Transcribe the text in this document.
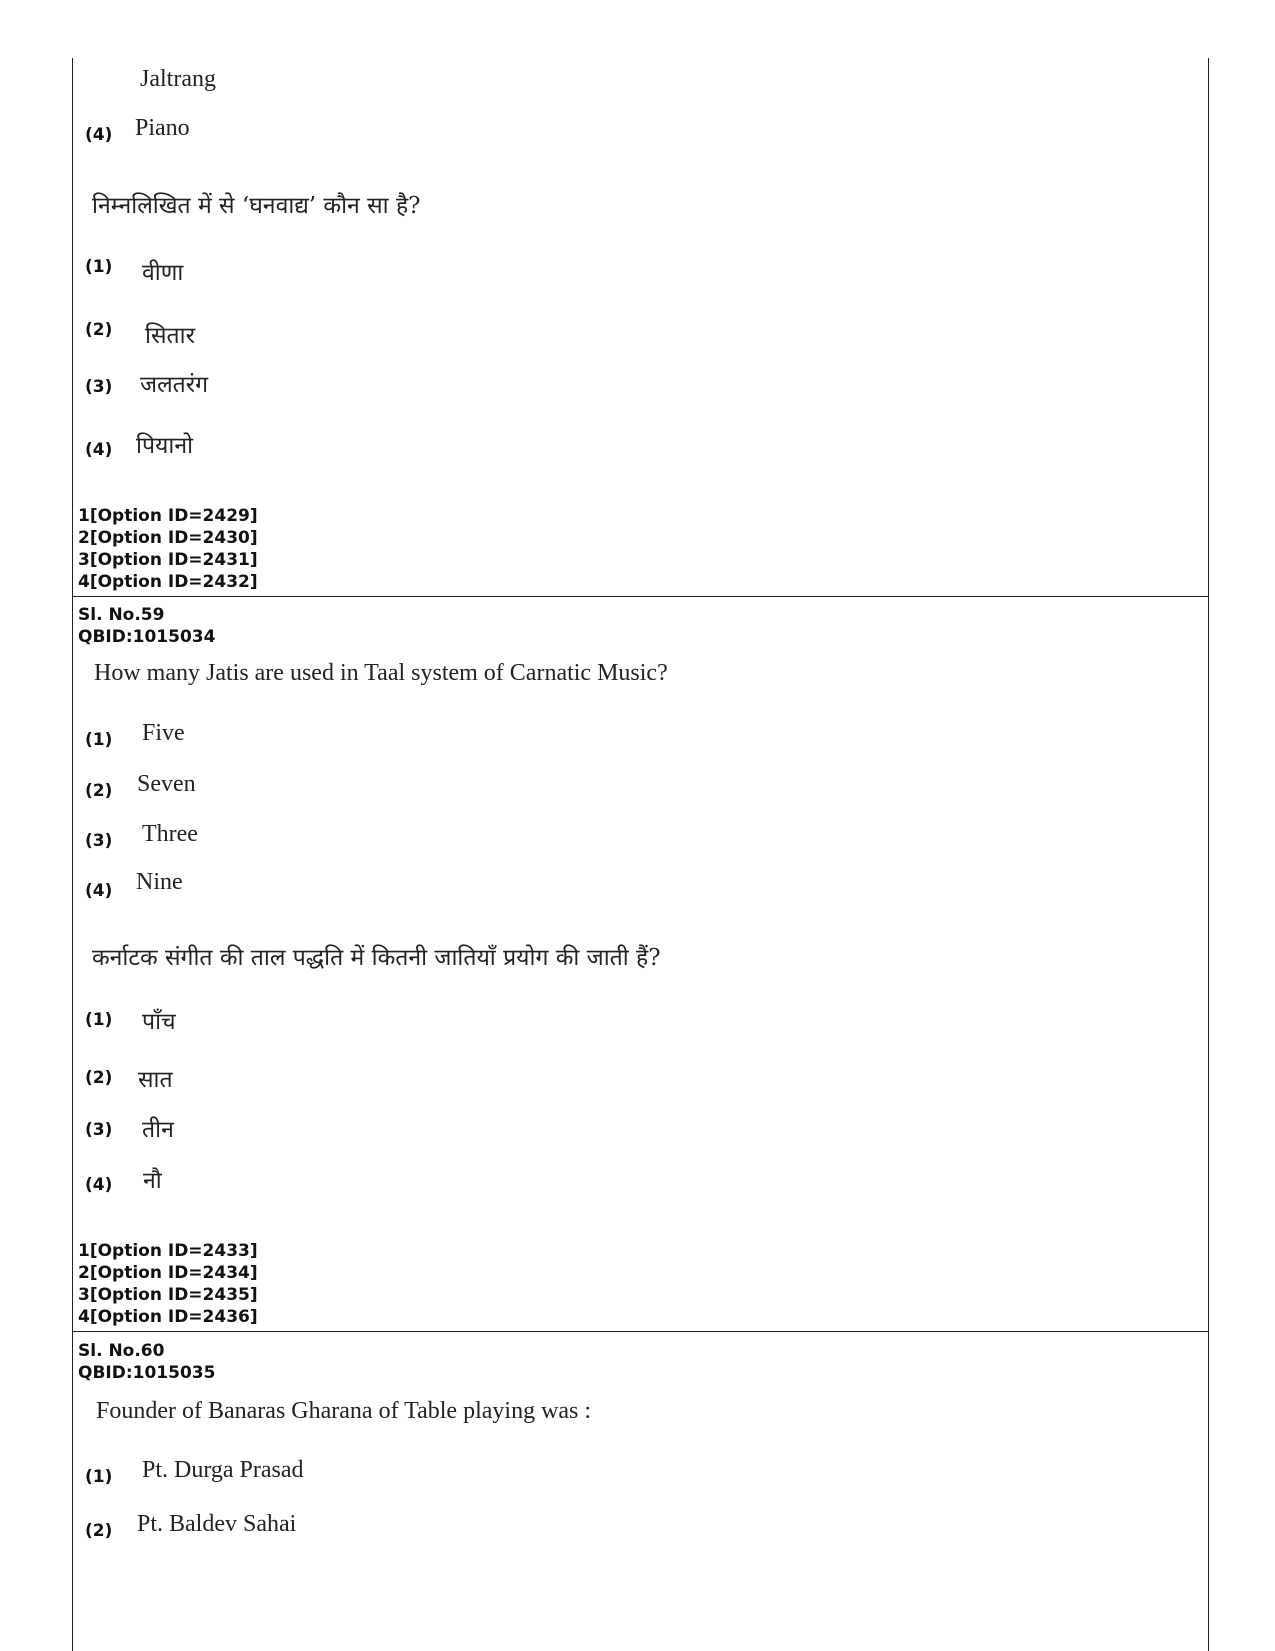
Jaltrang
(4) Piano
निम्नलिखित में से ‘घनवाद्य’ कौन सा है?
(1) वीणा
(2) सितार
(3) जलतरंग
(4) पियानो
1[Option ID=2429]
2[Option ID=2430]
3[Option ID=2431]
4[Option ID=2432]
Sl. No.59
QBID:1015034
How many Jatis are used in Taal system of Carnatic Music?
(1) Five
(2) Seven
(3) Three
(4) Nine
कर्नाटक संगीत की ताल पद्धति में कितनी जातियाँ प्रयोग की जाती हैं?
(1) पाँच
(2) सात
(3) तीन
(4) नौ
1[Option ID=2433]
2[Option ID=2434]
3[Option ID=2435]
4[Option ID=2436]
Sl. No.60
QBID:1015035
Founder of Banaras Gharana of Table playing was :
(1) Pt. Durga Prasad
(2) Pt. Baldev Sahai
